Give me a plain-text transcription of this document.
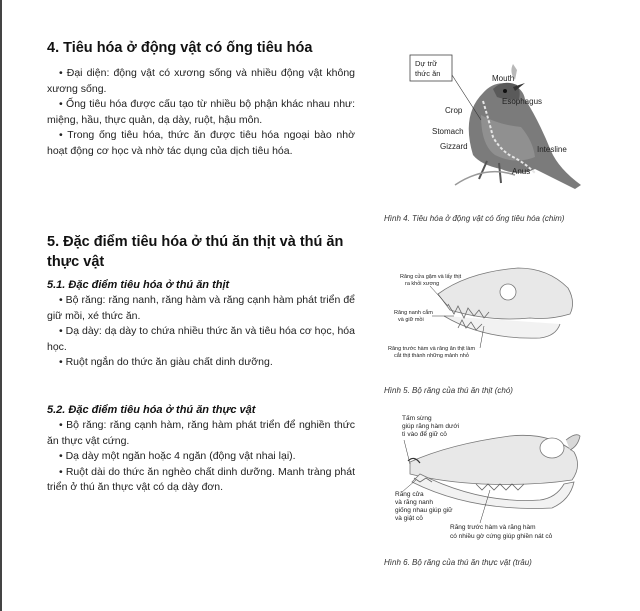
4. Tiêu hóa ở động vật có ống tiêu hóa

• Đại diện: động vật có xương sống và nhiều động vật không xương sống.

• Ống tiêu hóa được cấu tạo từ nhiều bộ phận khác nhau như: miệng, hầu, thực quản, dạ dày, ruột, hậu môn.

• Trong ống tiêu hóa, thức ăn được tiêu hóa ngoại bào nhờ hoạt động cơ học và nhờ tác dụng của dịch tiêu hóa.

5. Đặc điểm tiêu hóa ở thú ăn thịt và thú ăn thực vật
5.1. Đặc điểm tiêu hóa ở thú ăn thịt

• Bộ răng: răng nanh, răng hàm và răng cạnh hàm phát triển để giữ mồi, xé thức ăn.

• Dạ dày: dạ dày to chứa nhiều thức ăn và tiêu hóa cơ học, hóa học.

• Ruột ngắn do thức ăn giàu chất dinh dưỡng.

5.2. Đặc điểm tiêu hóa ở thú ăn thực vật

• Bộ răng: răng cạnh hàm, răng hàm phát triển để nghiền thức ăn thực vật cứng.

• Dạ dày một ngăn hoặc 4 ngăn (động vật nhai lại).

• Ruột dài do thức ăn nghèo chất dinh dưỡng. Manh tràng phát triển ở thú ăn thực vật có dạ dày đơn.

Dự trữ
thức ăn
Mouth
Esophagus
Crop
Stomach
Gizzard	Intesline
Anus
Hình 4. Tiêu hóa ở động vật có ống tiêu hóa (chim)
Răng cửa gặm và lấy thịt
ra khỏi xương
Răng nanh cắm
và giữ mồi
Răng trước hàm và răng ăn thịt làm
cắt thịt thành những mảnh nhỏ
Hình 5. Bộ răng của thú ăn thịt (chó)
Tấm sừng
giúp răng hàm dưới
tì vào để giữ cỏ
Răng cửa
và răng nanh
giống nhau giúp giữ
và giật cỏ
Răng trước hàm và răng hàm
có nhiều gờ cứng giúp ghiền nát cỏ
Hình 6. Bộ răng của thú ăn thực vật (trâu)
